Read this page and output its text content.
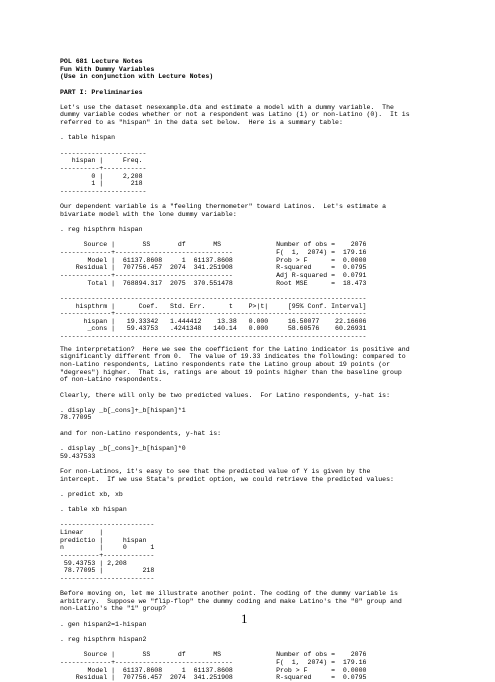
POL 681 Lecture Notes
Fun With Dummy Variables
(Use in conjunction with Lecture Notes)
PART I: Preliminaries
Let's use the dataset nesexample.dta and estimate a model with a dummy variable.  The
dummy variable codes whether or not a respondent was Latino (1) or non-Latino (0).  It is
referred to as "hispan" in the data set below.  Here is a summary table:
. table hispan
----------------------
hispan |     Freq.
----------+-----------
0 |     2,208
1 |       218
----------------------
Our dependent variable is a "feeling thermometer" toward Latinos.  Let's estimate a
bivariate model with the lone dummy variable:
. reg hispthrm hispan
Source |       SS       df       MS              Number of obs =    2076
-------------+------------------------------           F(  1,  2074) =  179.16
Model |  61137.8608     1  61137.8608           Prob > F      =  0.0000
Residual |  707756.457  2074  341.251908           R-squared     =  0.0795
-------------+------------------------------           Adj R-squared =  0.0791
Total |  768894.317  2075  370.551478           Root MSE      =  18.473
------------------------------------------------------------------------------
hispthrm |      Coef.   Std. Err.      t    P>|t|     [95% Conf. Interval]
-------------+----------------------------------------------------------------
hispan |   19.33342   1.444412    13.38   0.000     16.50077    22.16606
_cons |   59.43753   .4241348   140.14   0.000     58.60576    60.26931
------------------------------------------------------------------------------
The interpretation?  Here we see the coefficient for the Latino indicator is positive and
significantly different from 0.  The value of 19.33 indicates the following: compared to
non-Latino respondents, Latino respondents rate the Latino group about 19 points (or
"degrees") higher.  That is, ratings are about 19 points higher than the baseline group
of non-Latino respondents.
Clearly, there will only be two predicted values.  For Latino respondents, y-hat is:
. display _b[_cons]+_b[hispan]*1
78.77095
and for non-Latino respondents, y-hat is:
. display _b[_cons]+_b[hispan]*0
59.437533
For non-Latinos, it's easy to see that the predicted value of Y is given by the
intercept.  If we use Stata's predict option, we could retrieve the predicted values:
. predict xb, xb
. table xb hispan
------------------------
Linear    |
predictio |     hispan
n         |     0      1
----------+-------------
59.43753 | 2,208
78.77095 |          218
------------------------
Before moving on, let me illustrate another point. The coding of the dummy variable is
arbitrary.  Suppose we "flip-flop" the dummy coding and make Latino's the "0" group and
non-Latino's the "1" group?
. gen hispan2=1-hispan
. reg hispthrm hispan2
Source |       SS       df       MS              Number of obs =    2076
-------------+------------------------------           F(  1,  2074) =  179.16
Model |  61137.8608     1  61137.8608           Prob > F      =  0.0000
Residual |  707756.457  2074  341.251908           R-squared     =  0.0795
1
